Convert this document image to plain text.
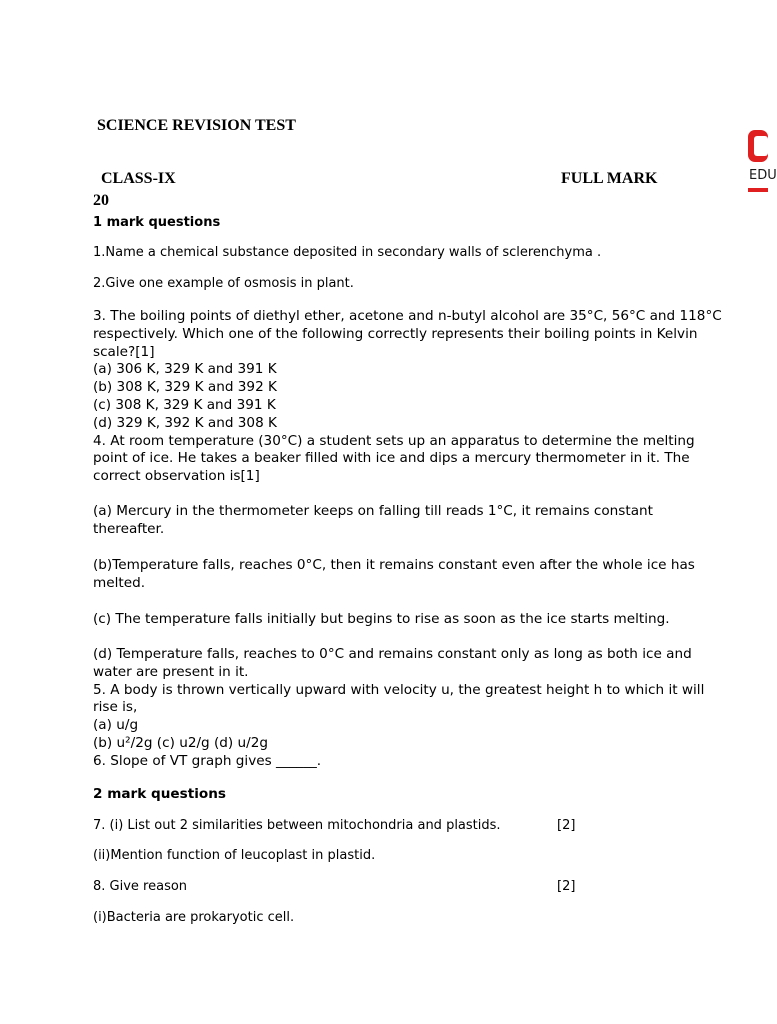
SCIENCE REVISION TEST
CLASS-IX	FULL MARK
20
EDU
1 mark questions
1.Name a chemical substance deposited in secondary walls of sclerenchyma .
2.Give one example of osmosis in plant.
3. The boiling points of diethyl ether, acetone and n-butyl alcohol are 35°C, 56°C and 118°C
respectively. Which one of the following correctly represents their boiling points in Kelvin
scale?[1]
(a) 306 K, 329 K and 391 K
(b) 308 K, 329 K and 392 K
(c) 308 K, 329 K and 391 K
(d) 329 K, 392 K and 308 K
4. At room temperature (30°C) a student sets up an apparatus to determine the melting
point of ice. He takes a beaker filled with ice and dips a mercury thermometer in it. The
correct observation is[1]
(a) Mercury in the thermometer keeps on falling till reads 1°C, it remains constant
thereafter.
(b)Temperature falls, reaches 0°C, then it remains constant even after the whole ice has
melted.
(c) The temperature falls initially but begins to rise as soon as the ice starts melting.
(d) Temperature falls, reaches to 0°C and remains constant only as long as both ice and
water are present in it.
5. A body is thrown vertically upward with velocity u, the greatest height h to which it will
rise is,
(a) u/g
(b) u²/2g (c) u2/g (d) u/2g
6. Slope of VT graph gives ______.
2 mark questions
7. (i) List out 2 similarities between mitochondria and plastids.	[2]
(ii)Mention function of leucoplast in plastid.
8. Give reason	[2]
(i)Bacteria are prokaryotic cell.
